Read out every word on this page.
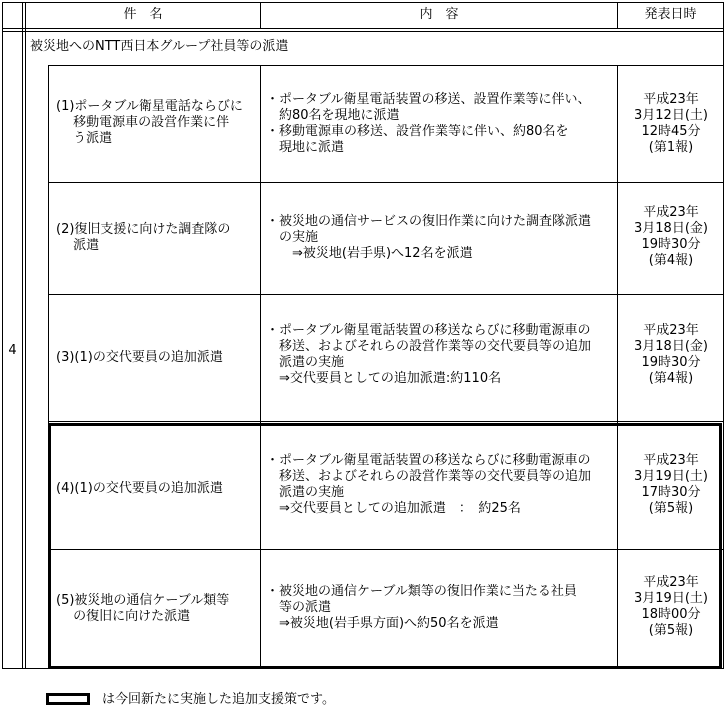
件　名	内　容	発表日時
4
被災地へのNTT西日本グループ社員等の派遣
(1)ポータブル衛星電話ならびに
　 移動電源車の設営作業に伴
　 う派遣
・ポータブル衛星電話装置の移送、設置作業等に伴い、
　約80名を現地に派遣
・移動電源車の移送、設営作業等に伴い、約80名を
　現地に派遣
平成23年
3月12日(土)
12時45分
(第1報)
(2)復旧支援に向けた調査隊の
　 派遣
・被災地の通信サービスの復旧作業に向けた調査隊派遣
　の実施
　　⇒被災地(岩手県)へ12名を派遣
平成23年
3月18日(金)
19時30分
(第4報)
(3)(1)の交代要員の追加派遣
・ポータブル衛星電話装置の移送ならびに移動電源車の
　移送、およびそれらの設営作業等の交代要員等の追加
　派遣の実施
　⇒交代要員としての追加派遣:約110名
平成23年
3月18日(金)
19時30分
(第4報)
(4)(1)の交代要員の追加派遣
・ポータブル衛星電話装置の移送ならびに移動電源車の
　移送、およびそれらの設営作業等の交代要員等の追加
　派遣の実施
　⇒交代要員としての追加派遣　：　約25名
平成23年
3月19日(土)
17時30分
(第5報)
(5)被災地の通信ケーブル類等
　 の復旧に向けた派遣
・被災地の通信ケーブル類等の復旧作業に当たる社員
　等の派遣
　⇒被災地(岩手県方面)へ約50名を派遣
平成23年
3月19日(土)
18時00分
(第5報)
は今回新たに実施した追加支援策です。
